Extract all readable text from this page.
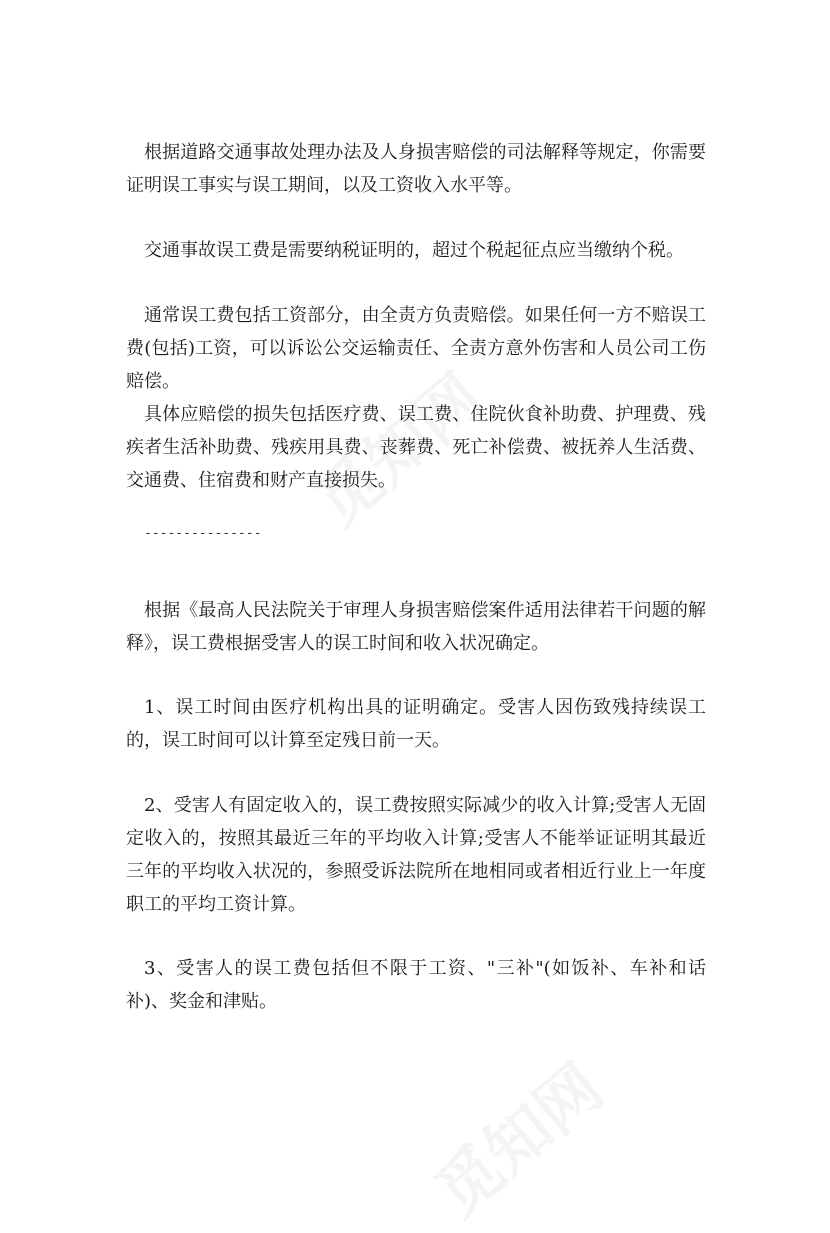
根据道路交通事故处理办法及人身损害赔偿的司法解释等规定，你需要证明误工事实与误工期间，以及工资收入水平等。

交通事故误工费是需要纳税证明的，超过个税起征点应当缴纳个税。

通常误工费包括工资部分，由全责方负责赔偿。如果任何一方不赔误工费(包括)工资，可以诉讼公交运输责任、全责方意外伤害和人员公司工伤赔偿。

具体应赔偿的损失包括医疗费、误工费、住院伙食补助费、护理费、残疾者生活补助费、残疾用具费、丧葬费、死亡补偿费、被抚养人生活费、交通费、住宿费和财产直接损失。

---------------

根据《最高人民法院关于审理人身损害赔偿案件适用法律若干问题的解释》，误工费根据受害人的误工时间和收入状况确定。

1、误工时间由医疗机构出具的证明确定。受害人因伤致残持续误工的，误工时间可以计算至定残日前一天。

2、受害人有固定收入的，误工费按照实际减少的收入计算;受害人无固定收入的，按照其最近三年的平均收入计算;受害人不能举证证明其最近三年的平均收入状况的，参照受诉法院所在地相同或者相近行业上一年度职工的平均工资计算。

3、受害人的误工费包括但不限于工资、"三补"(如饭补、车补和话补)、奖金和津贴。
